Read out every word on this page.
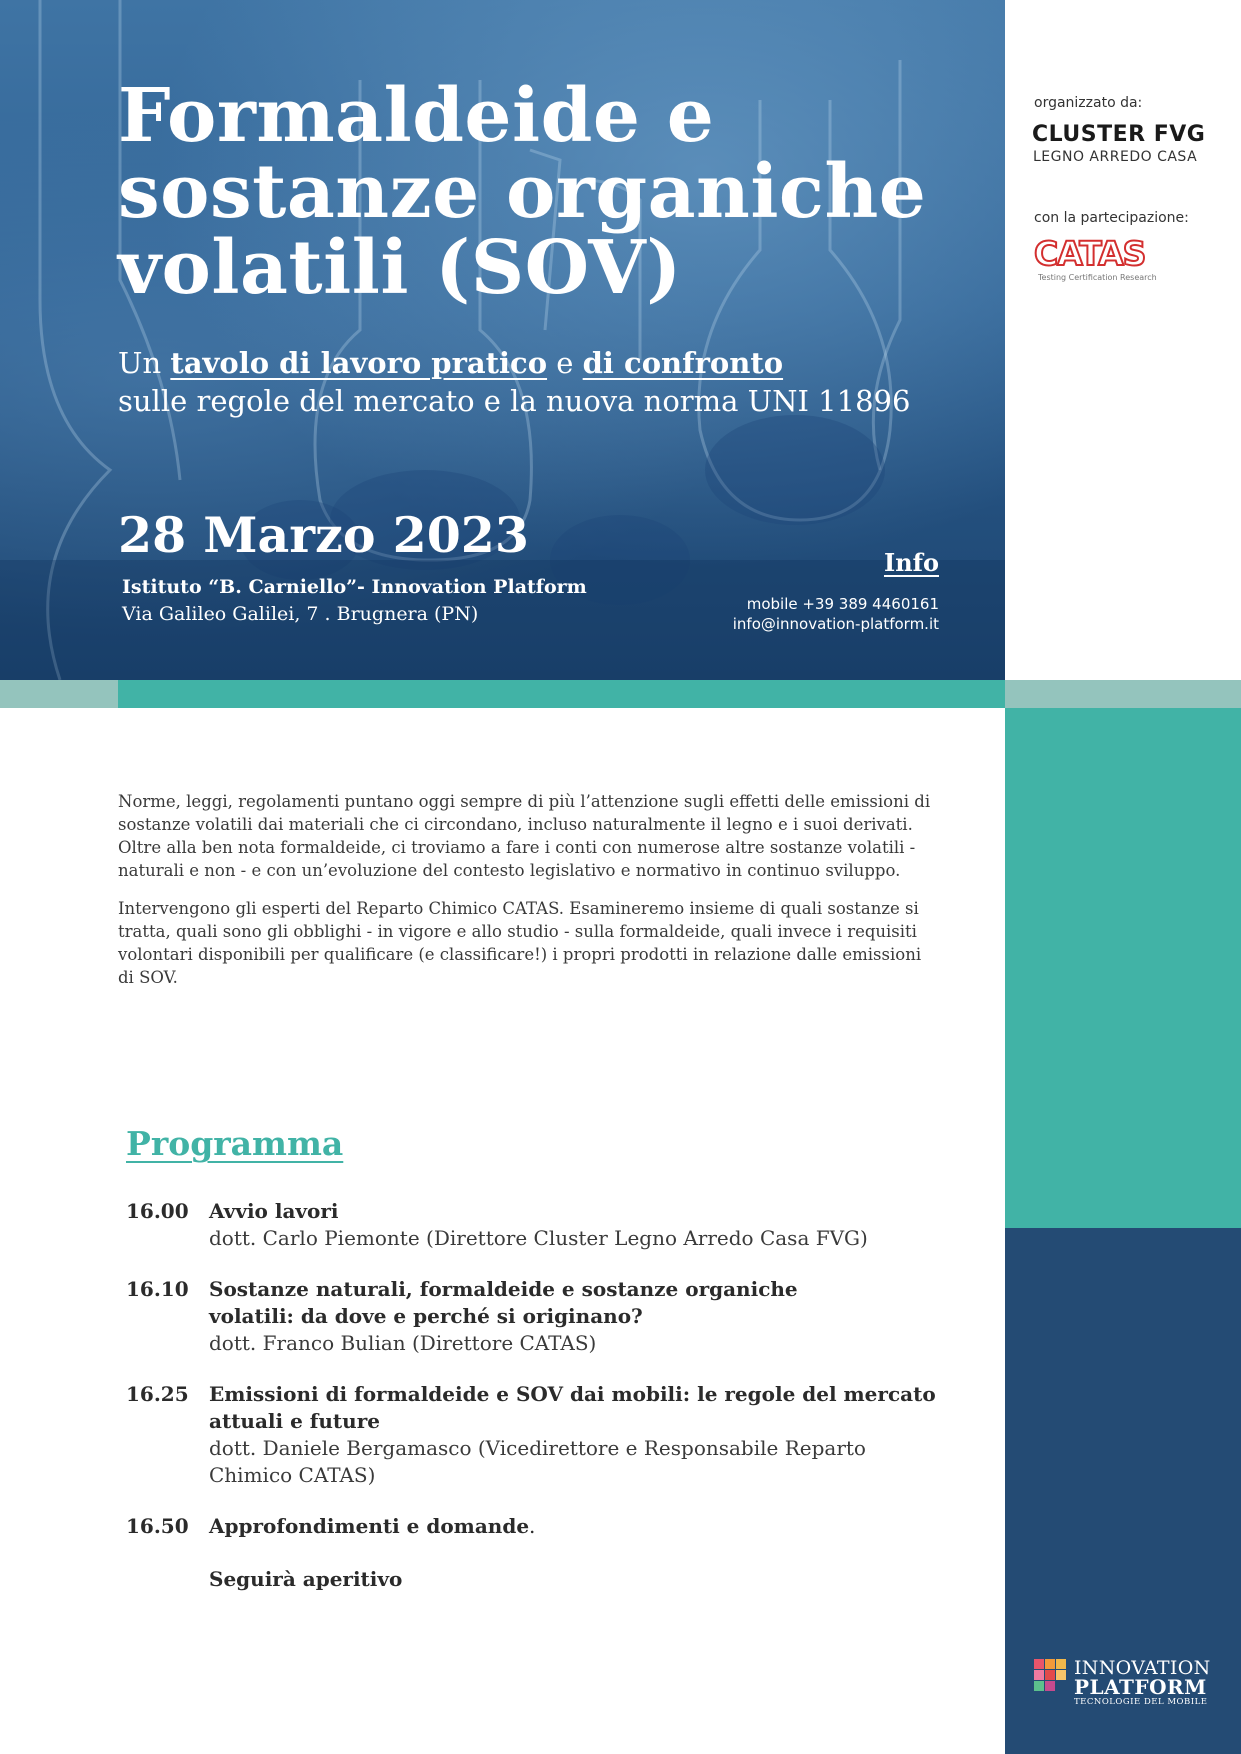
Formaldeide e sostanze organiche volatili (SOV)
Un tavolo di lavoro pratico e di confronto
sulle regole del mercato e la nuova norma UNI 11896
28 Marzo 2023
Istituto “B. Carniello”- Innovation Platform
Via Galileo Galilei, 7 . Brugnera (PN)
Info
mobile +39 389 4460161
info@innovation-platform.it
organizzato da:
CLUSTER FVG
LEGNO ARREDO CASA
con la partecipazione:
CATAS
Testing Certification Research

Norme, leggi, regolamenti puntano oggi sempre di più l’attenzione sugli effetti delle emissioni di sostanze volatili dai materiali che ci circondano, incluso naturalmente il legno e i suoi derivati. Oltre alla ben nota formaldeide, ci troviamo a fare i conti con numerose altre sostanze volatili - naturali e non - e con un’evoluzione del contesto legislativo e normativo in continuo sviluppo.

Intervengono gli esperti del Reparto Chimico CATAS. Esamineremo insieme di quali sostanze si tratta, quali sono gli obblighi - in vigore e allo studio - sulla formaldeide, quali invece i requisiti volontari disponibili per qualificare (e classificare!) i propri prodotti in relazione dalle emissioni di SOV.

Programma
16.00	Avvio lavori
dott. Carlo Piemonte (Direttore Cluster Legno Arredo Casa FVG)
16.10	Sostanze naturali, formaldeide e sostanze organiche volatili: da dove e perché si originano?
dott. Franco Bulian (Direttore CATAS)
16.25	Emissioni di formaldeide e SOV dai mobili: le regole del mercato attuali e future
dott. Daniele Bergamasco (Vicedirettore e Responsabile Reparto Chimico CATAS)
16.50	Approfondimenti e domande.
Seguirà aperitivo
INNOVATION
PLATFORM
TECNOLOGIE DEL MOBILE
